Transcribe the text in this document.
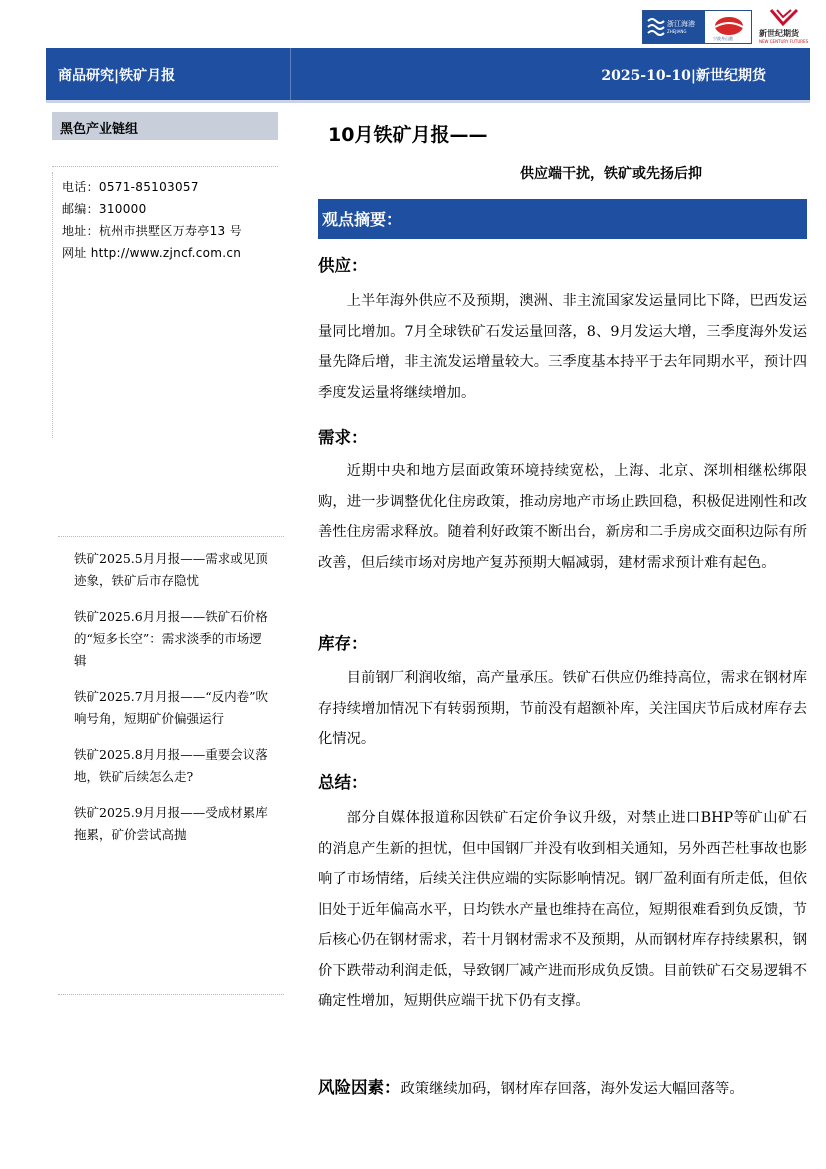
浙江海港
ZHEJIANG
宁波舟山港
新世纪期货
NEW CENTURY FUTURES
商品研究|铁矿月报	2025-10-10|新世纪期货
黑色产业链组
电话：0571-85103057
邮编：310000
地址：杭州市拱墅区万寿亭13 号
网址 http://www.zjncf.com.cn
铁矿2025.5月月报——需求或见顶迹象，铁矿后市存隐忧
铁矿2025.6月月报——铁矿石价格的“短多长空”：需求淡季的市场逻辑
铁矿2025.7月月报——“反内卷”吹响号角，短期矿价偏强运行
铁矿2025.8月月报——重要会议落地，铁矿后续怎么走?
铁矿2025.9月月报——受成材累库拖累，矿价尝试高抛
10月铁矿月报——
供应端干扰，铁矿或先扬后抑
观点摘要：
供应：
上半年海外供应不及预期，澳洲、非主流国家发运量同比下降，巴西发运量同比增加。7月全球铁矿石发运量回落，8、9月发运大增，三季度海外发运量先降后增，非主流发运增量较大。三季度基本持平于去年同期水平，预计四季度发运量将继续增加。
需求：
近期中央和地方层面政策环境持续宽松，上海、北京、深圳相继松绑限购，进一步调整优化住房政策，推动房地产市场止跌回稳，积极促进刚性和改善性住房需求释放。随着利好政策不断出台，新房和二手房成交面积边际有所改善，但后续市场对房地产复苏预期大幅减弱，建材需求预计难有起色。
库存：
目前钢厂利润收缩，高产量承压。铁矿石供应仍维持高位，需求在钢材库存持续增加情况下有转弱预期，节前没有超额补库，关注国庆节后成材库存去化情况。
总结：
部分自媒体报道称因铁矿石定价争议升级，对禁止进口BHP等矿山矿石的消息产生新的担忧，但中国钢厂并没有收到相关通知，另外西芒杜事故也影响了市场情绪，后续关注供应端的实际影响情况。钢厂盈利面有所走低，但依旧处于近年偏高水平，日均铁水产量也维持在高位，短期很难看到负反馈，节后核心仍在钢材需求，若十月钢材需求不及预期，从而钢材库存持续累积，钢价下跌带动利润走低，导致钢厂减产进而形成负反馈。目前铁矿石交易逻辑不确定性增加，短期供应端干扰下仍有支撑。
风险因素：政策继续加码，钢材库存回落，海外发运大幅回落等。
